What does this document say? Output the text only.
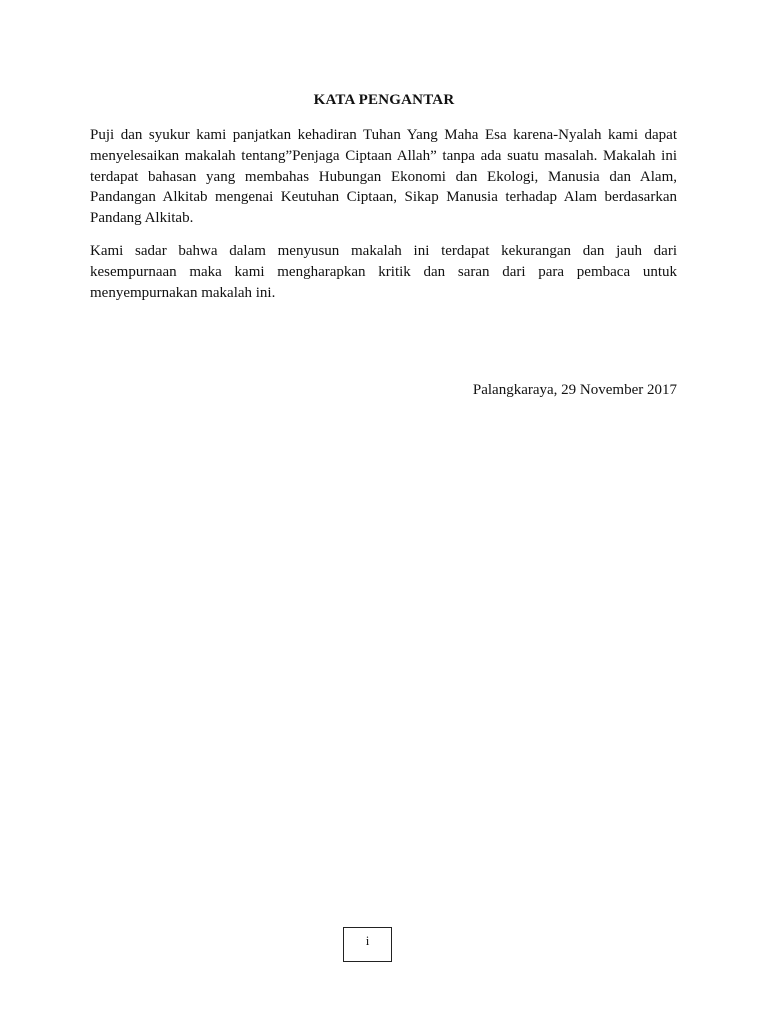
KATA PENGANTAR

Puji dan syukur kami panjatkan kehadiran Tuhan Yang Maha Esa karena-Nyalah kami dapat menyelesaikan makalah tentang”Penjaga Ciptaan Allah” tanpa ada suatu masalah. Makalah ini terdapat bahasan yang membahas Hubungan Ekonomi dan Ekologi, Manusia dan Alam, Pandangan Alkitab mengenai Keutuhan Ciptaan, Sikap Manusia terhadap Alam berdasarkan Pandang Alkitab.

Kami sadar bahwa dalam menyusun makalah ini terdapat kekurangan dan jauh dari kesempurnaan maka kami mengharapkan kritik dan saran dari para pembaca untuk menyempurnakan makalah ini.

Palangkaraya, 29 November 2017
i
